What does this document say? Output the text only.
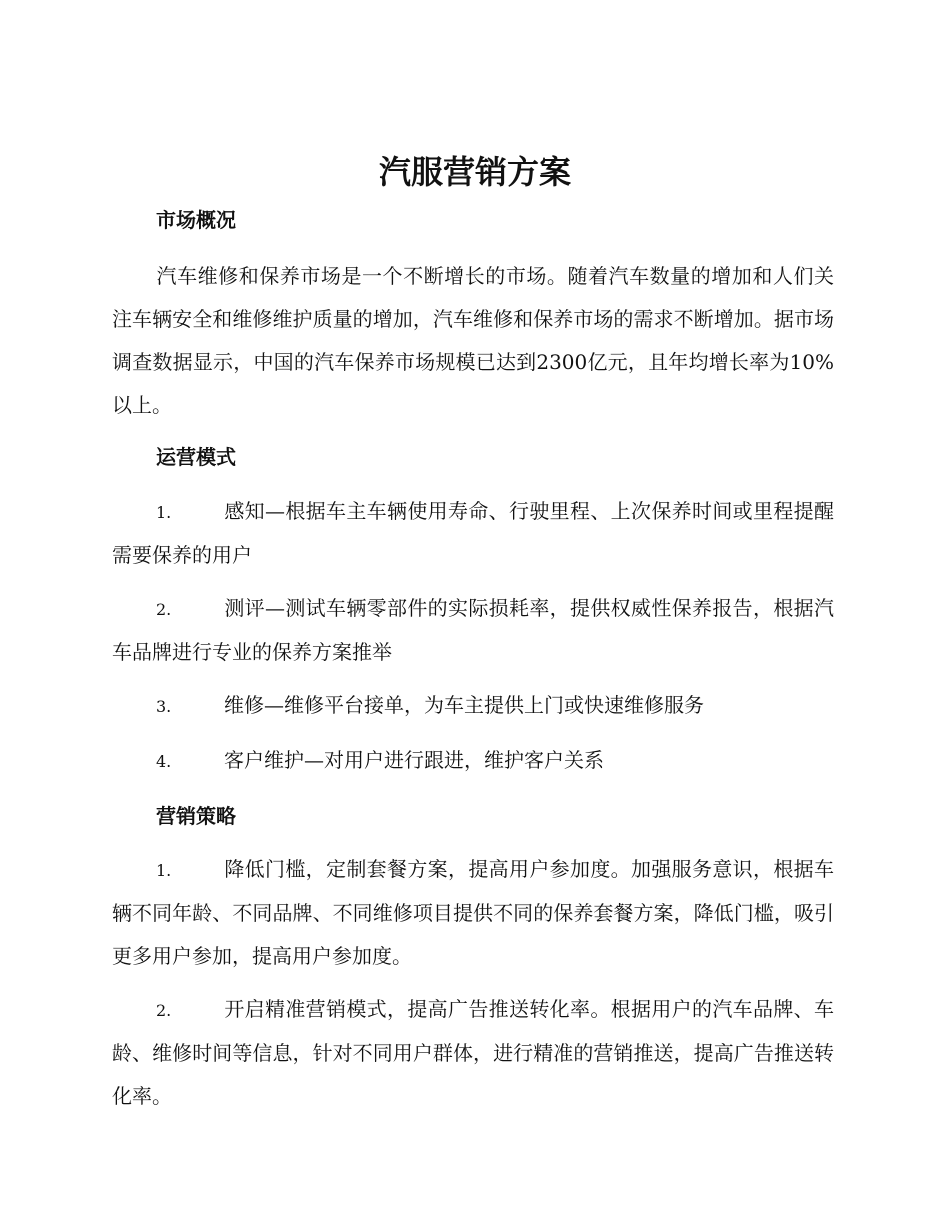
汽服营销方案
市场概况

汽车维修和保养市场是一个不断增长的市场。随着汽车数量的增加和人们关注车辆安全和维修维护质量的增加，汽车维修和保养市场的需求不断增加。据市场调查数据显示，中国的汽车保养市场规模已达到2300亿元，且年均增长率为10%以上。

运营模式

1.	感知—根据车主车辆使用寿命、行驶里程、上次保养时间或里程提醒需要保养的用户

2.	测评—测试车辆零部件的实际损耗率，提供权威性保养报告，根据汽车品牌进行专业的保养方案推举

3.	维修—维修平台接单，为车主提供上门或快速维修服务

4.	客户维护—对用户进行跟进，维护客户关系

营销策略

1.	降低门槛，定制套餐方案，提高用户参加度。加强服务意识，根据车辆不同年龄、不同品牌、不同维修项目提供不同的保养套餐方案，降低门槛，吸引更多用户参加，提高用户参加度。

2.	开启精准营销模式，提高广告推送转化率。根据用户的汽车品牌、车龄、维修时间等信息，针对不同用户群体，进行精准的营销推送，提高广告推送转化率。
